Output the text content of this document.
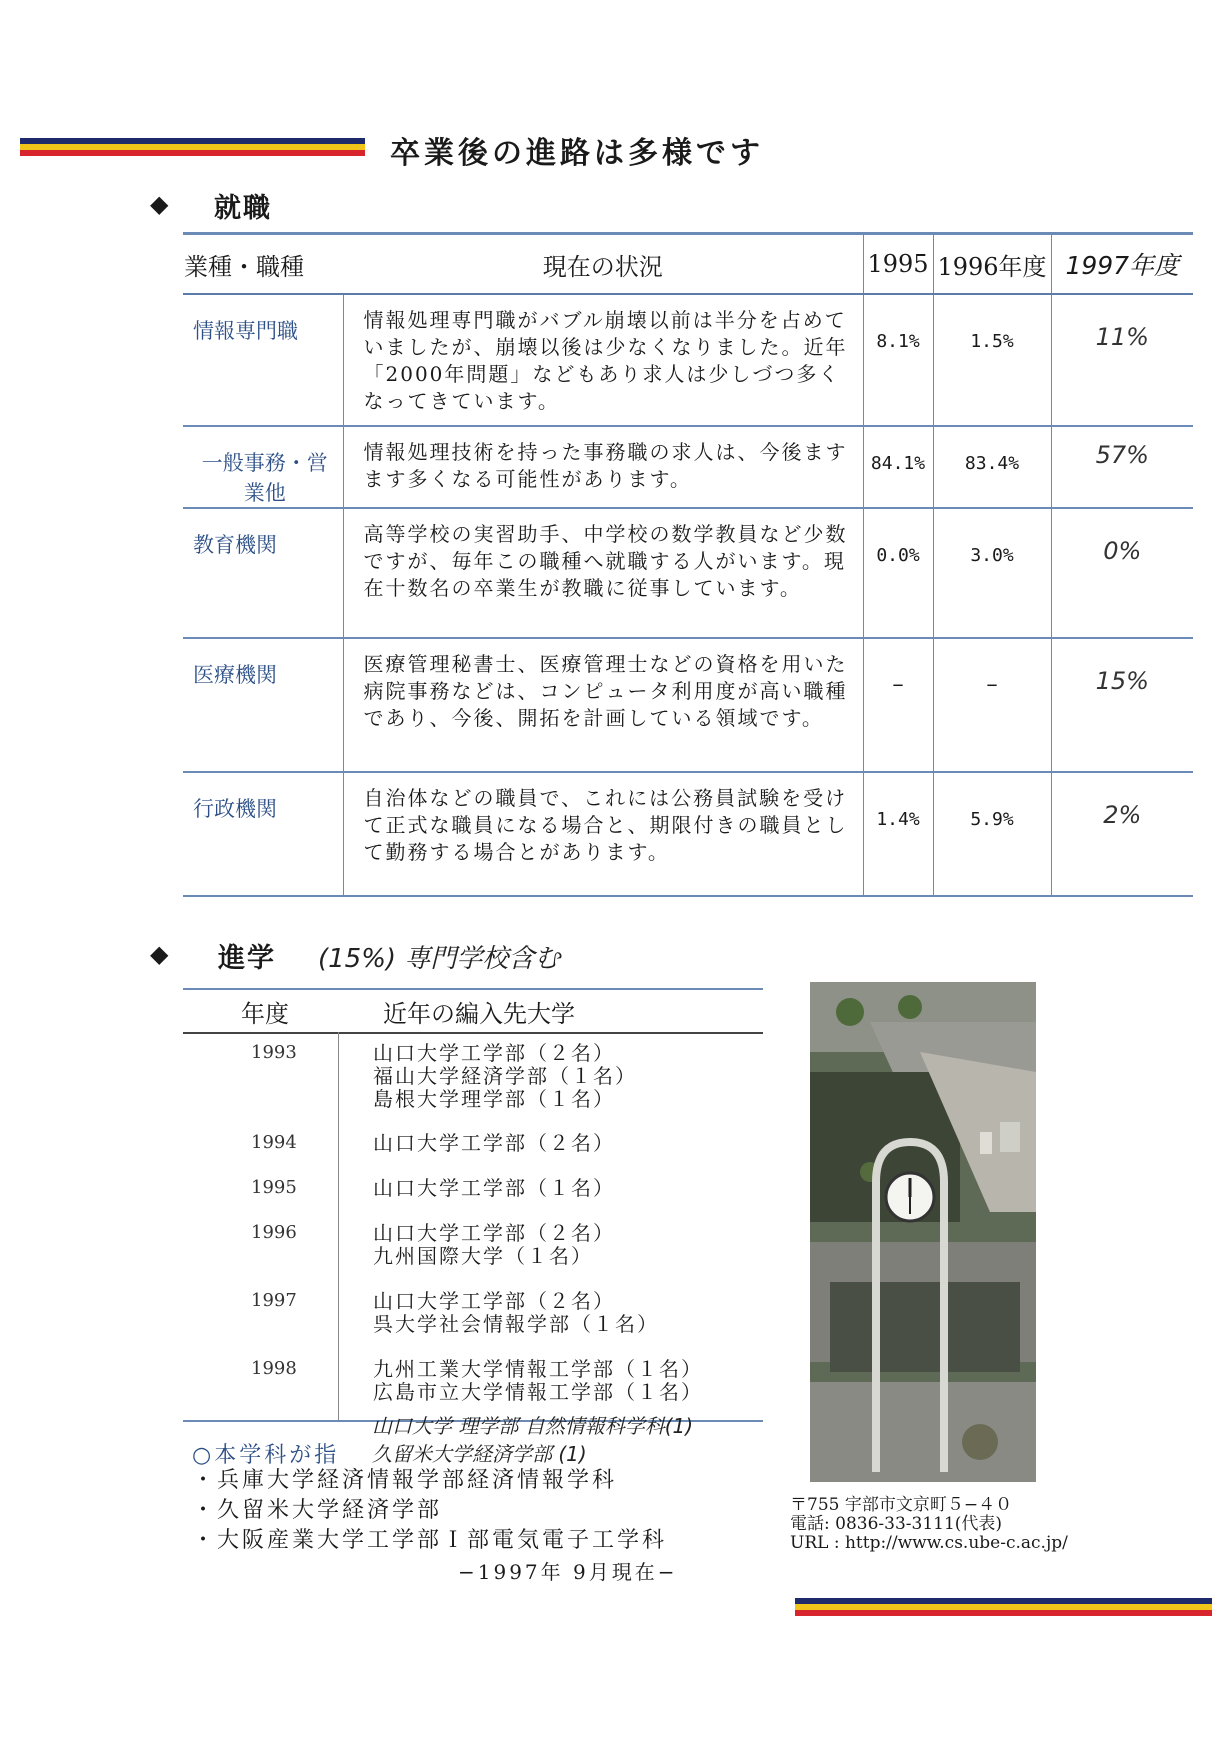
卒業後の進路は多様です
◆ 就職
業種・職種	現在の状況	1995	1996年度	1997年度
情報専門職	情報処理専門職がバブル崩壊以前は半分を占めていましたが、崩壊以後は少なくなりました。近年「2000年問題」などもあり求人は少しづつ多くなってきています。	8.1%	1.5%	11%
一般事務・営業他	情報処理技術を持った事務職の求人は、今後ますます多くなる可能性があります。	84.1%	83.4%	57%
教育機関	高等学校の実習助手、中学校の数学教員など少数ですが、毎年この職種へ就職する人がいます。現在十数名の卒業生が教職に従事しています。	0.0%	3.0%	0%
医療機関	医療管理秘書士、医療管理士などの資格を用いた病院事務などは、コンピュータ利用度が高い職種であり、今後、開拓を計画している領域です。	−	−	15%
行政機関	自治体などの職員で、これには公務員試験を受けて正式な職員になる場合と、期限付きの職員として勤務する場合とがあります。	1.4%	5.9%	2%
◆ 進学 (15%) 専門学校含む
年度	近年の編入先大学
1993	山口大学工学部（２名）
福山大学経済学部（１名）
島根大学理学部（１名）
1994	山口大学工学部（２名）
1995	山口大学工学部（１名）
1996	山口大学工学部（２名）
九州国際大学（１名）
1997	山口大学工学部（２名）
呉大学社会情報学部（１名）
1998	九州工業大学情報工学部（１名）
広島市立大学情報工学部（１名）
山口大学 理学部 自然情報科学科(1)
久留米大学経済学部 (1)
○本学科が指
・兵庫大学経済情報学部経済情報学科
・久留米大学経済学部
・大阪産業大学工学部Ｉ部電気電子工学科
−1997年 9月現在−
〒755 宇部市文京町５−４０
電話: 0836-33-3111(代表)
URL : http://www.cs.ube-c.ac.jp/
